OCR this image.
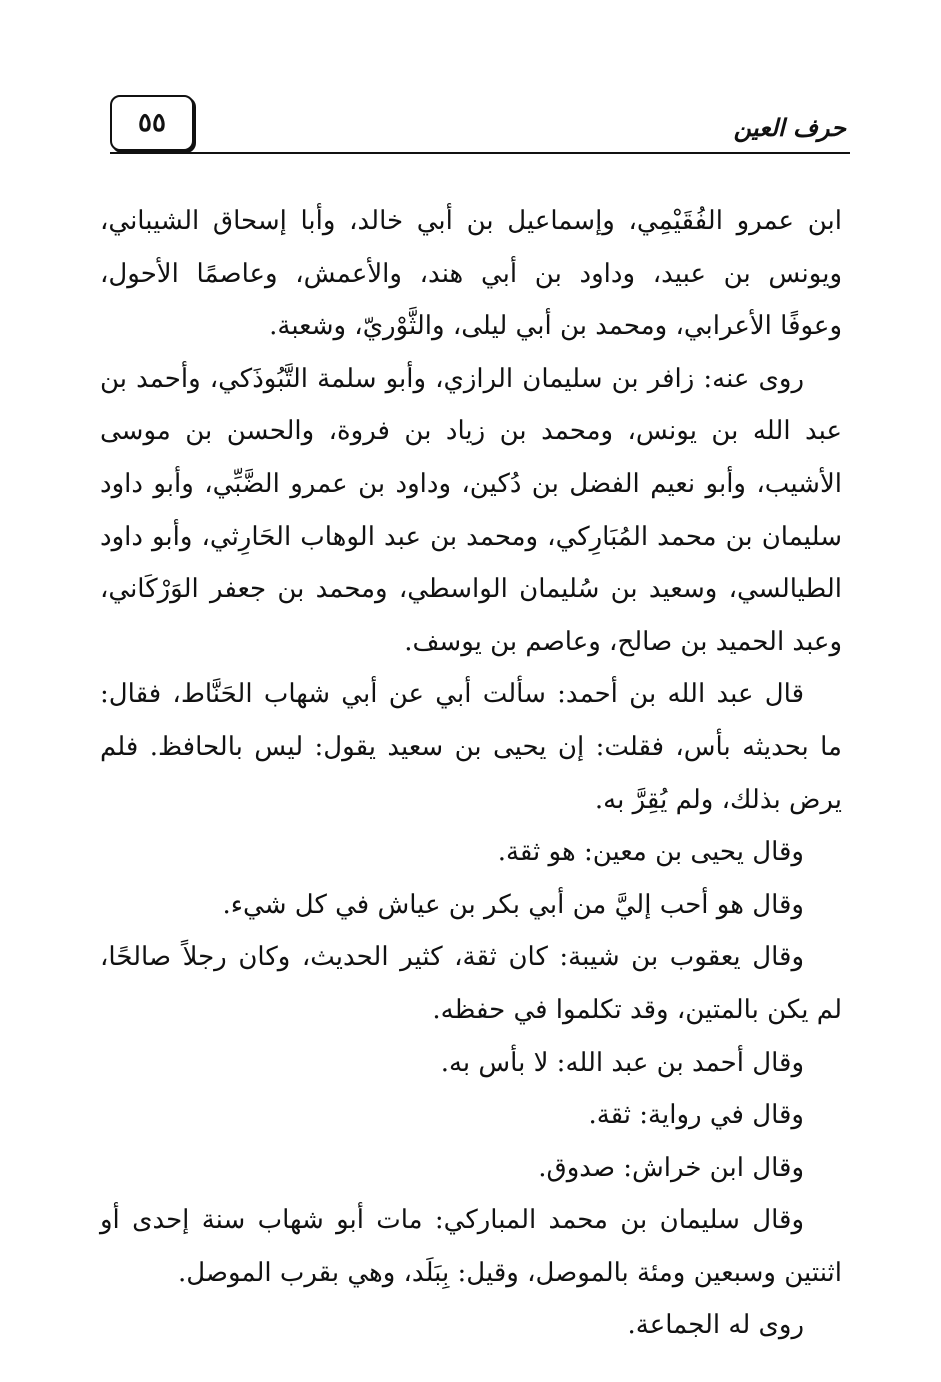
٥٥	حرف العين
ابن عمرو الفُقَيْمِي، وإسماعيل بن أبي خالد، وأبا إسحاق الشيباني،
ويونس بن عبيد، وداود بن أبي هند، والأعمش، وعاصمًا الأحول،
وعوفًا الأعرابي، ومحمد بن أبي ليلى، والثَّوْريّ، وشعبة.
روى عنه: زافر بن سليمان الرازي، وأبو سلمة التَّبُوذَكي، وأحمد بن
عبد الله بن يونس، ومحمد بن زياد بن فروة، والحسن بن موسى
الأشيب، وأبو نعيم الفضل بن دُكين، وداود بن عمرو الضَّبِّي، وأبو داود
سليمان بن محمد المُبَارِكي، ومحمد بن عبد الوهاب الحَارِثي، وأبو داود
الطيالسي، وسعيد بن سُليمان الواسطي، ومحمد بن جعفر الوَرْكَاني،
وعبد الحميد بن صالح، وعاصم بن يوسف.
قال عبد الله بن أحمد: سألت أبي عن أبي شهاب الحَنَّاط، فقال:
ما بحديثه بأس، فقلت: إن يحيى بن سعيد يقول: ليس بالحافظ. فلم
يرض بذلك، ولم يُقِرَّ به.
وقال يحيى بن معين: هو ثقة.
وقال هو أحب إليَّ من أبي بكر بن عياش في كل شيء.
وقال يعقوب بن شيبة: كان ثقة، كثير الحديث، وكان رجلاً صالحًا،
لم يكن بالمتين، وقد تكلموا في حفظه.
وقال أحمد بن عبد الله: لا بأس به.
وقال في رواية: ثقة.
وقال ابن خراش: صدوق.
وقال سليمان بن محمد المباركي: مات أبو شهاب سنة إحدى أو
اثنتين وسبعين ومئة بالموصل، وقيل: بِبَلَد، وهي بقرب الموصل.
روى له الجماعة.
